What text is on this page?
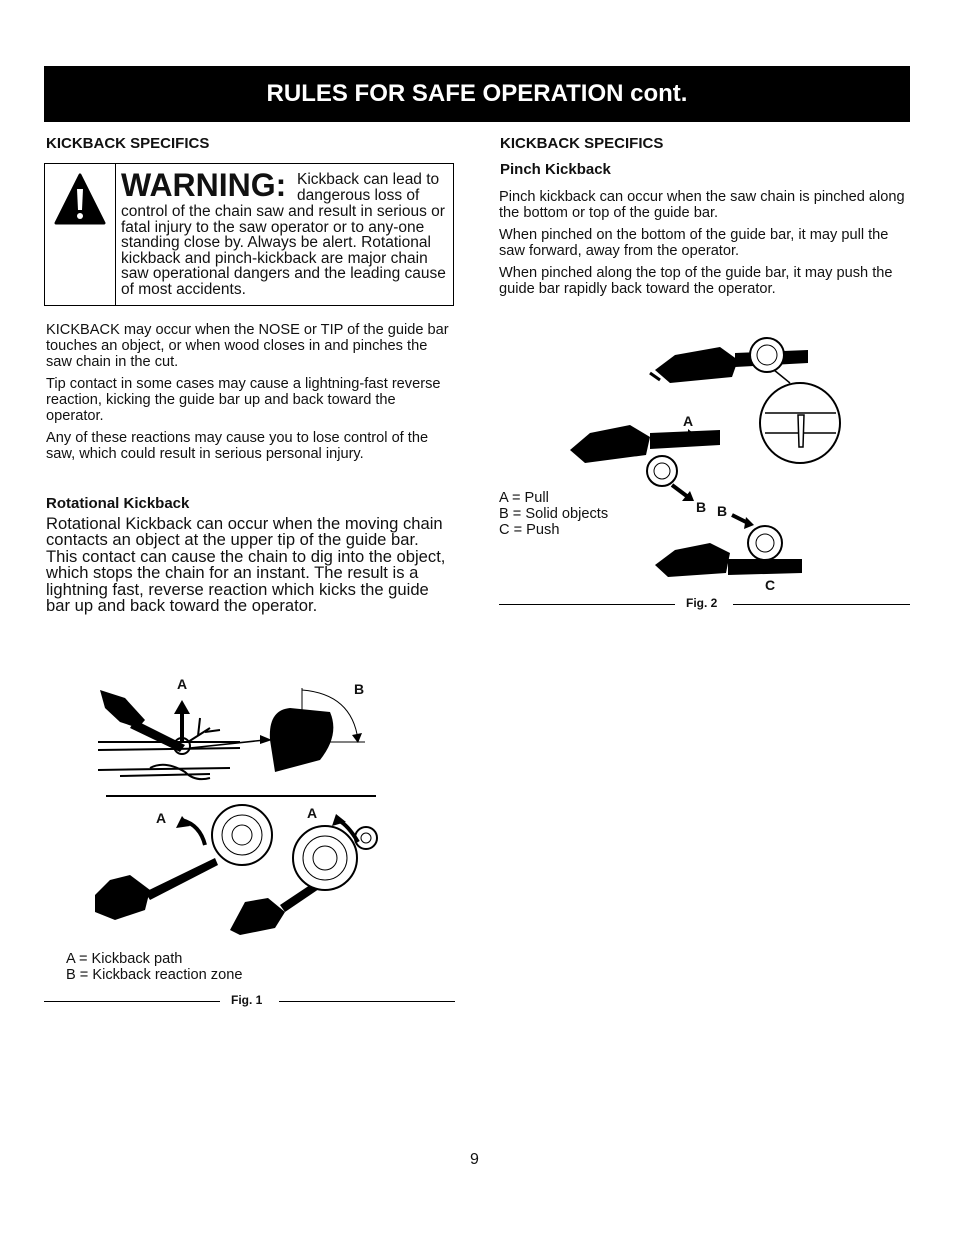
RULES FOR SAFE OPERATION cont.
KICKBACK SPECIFICS
WARNING: Kickback can lead to dangerous loss of
control of the chain saw and result in serious or fatal injury to the saw operator or to any-one standing close by. Always be alert. Rotational kickback and pinch-kickback are major chain saw operational dangers and the leading cause of most accidents.
KICKBACK may occur when the NOSE or TIP of the guide bar touches an object, or when wood closes in and pinches the saw chain in the cut.
Tip contact in some cases may cause a lightning-fast reverse reaction, kicking the guide bar up and back toward the operator.
Any of these reactions may cause you to lose control of the saw, which could result in serious personal injury.
Rotational Kickback
Rotational Kickback can occur when the moving chain contacts an object at the upper tip of the guide bar. This contact can cause the chain to dig into the object, which stops the chain for an instant. The result is a lightning fast, reverse reaction which kicks the guide bar up and back toward the operator.
A	B
A	A
A = Kickback path
B = Kickback reaction zone
Fig. 1
KICKBACK SPECIFICS
Pinch Kickback
Pinch kickback can occur when the saw chain is pinched along the bottom or top of the guide bar.
When pinched on the bottom of the guide bar, it may pull the saw forward, away from the operator.
When pinched along the top of the guide bar, it may push the guide bar rapidly back toward the operator.
A
B B
C
A = Pull
B = Solid objects
C = Push
Fig. 2
9
